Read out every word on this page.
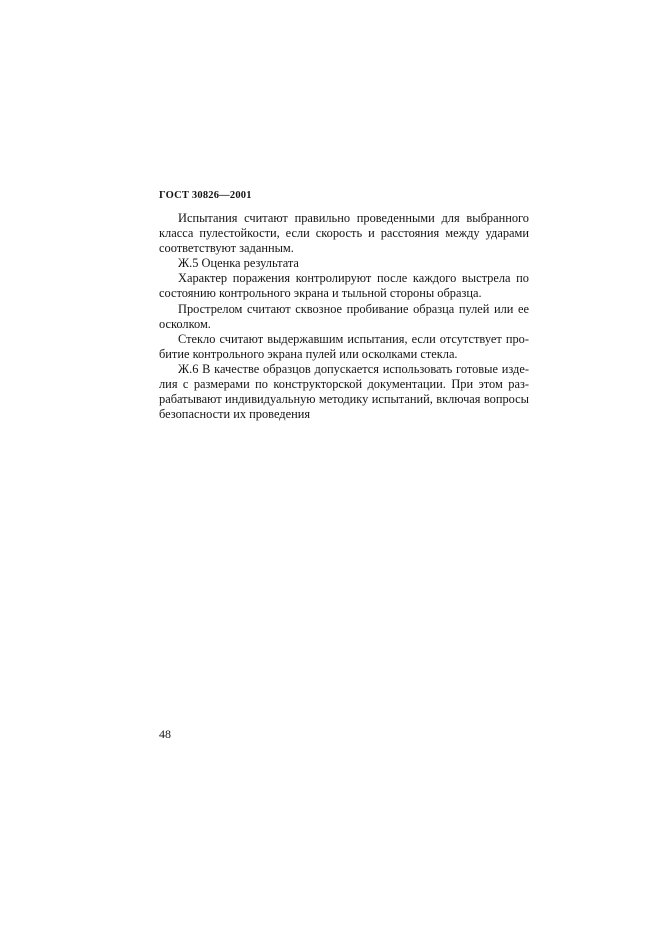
ГОСТ 30826—2001

Испытания считают правильно проведенными для выбранного класса пулестойкости, если скорость и расстояния между ударами соответствуют заданным.

Ж.5 Оценка результата

Характер поражения контролируют после каждого выстрела по состоянию контрольного экрана и тыльной стороны образца.

Прострелом считают сквозное пробивание образца пулей или ее осколком.

Стекло считают выдержавшим испытания, если отсутствует пробитие контрольного экрана пулей или осколками стекла.

Ж.6 В качестве образцов допускается использовать готовые изделия с размерами по конструкторской документации. При этом разрабатывают индивидуальную методику испытаний, включая вопросы безопасности их проведения

48
